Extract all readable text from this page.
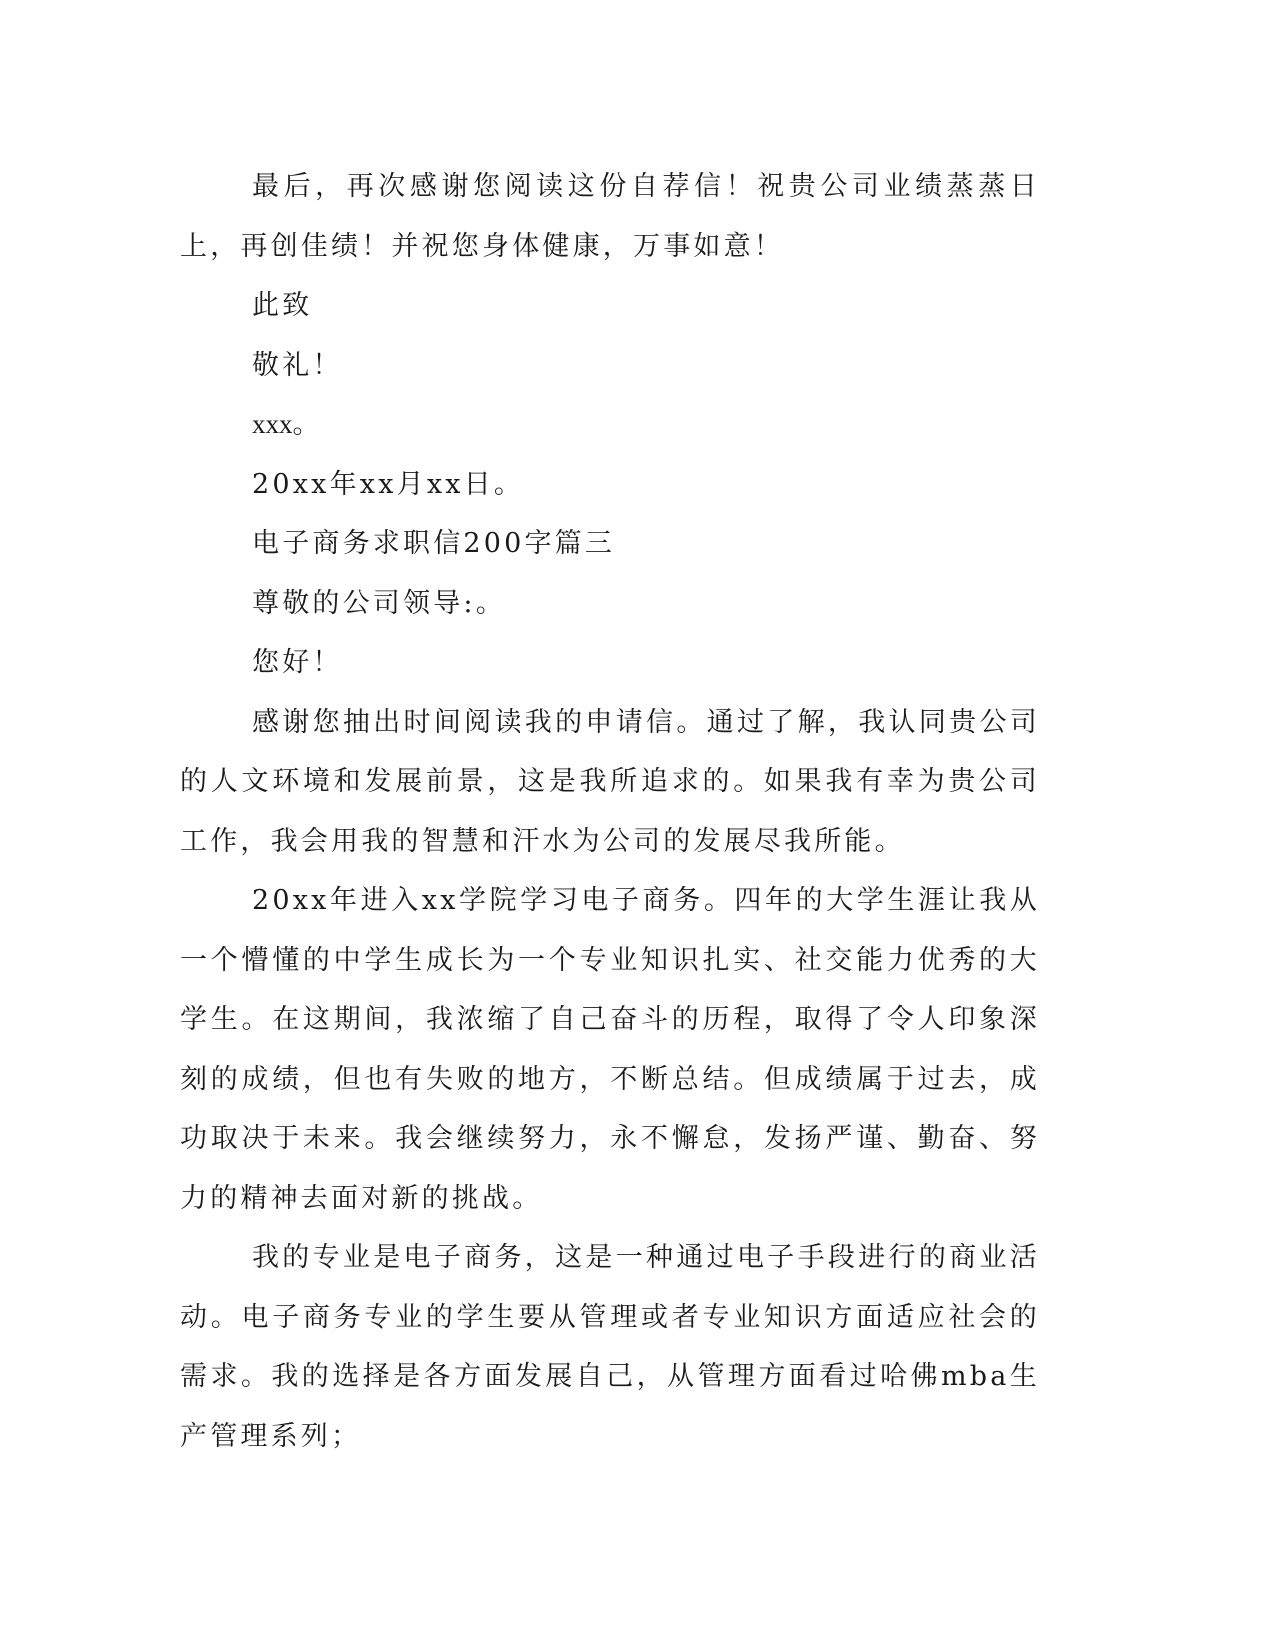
最后，再次感谢您阅读这份自荐信！祝贵公司业绩蒸蒸日上，再创佳绩！并祝您身体健康，万事如意！

此致

敬礼！

xxx。

20xx年xx月xx日。

电子商务求职信200字篇三

尊敬的公司领导:。

您好！

感谢您抽出时间阅读我的申请信。通过了解，我认同贵公司的人文环境和发展前景，这是我所追求的。如果我有幸为贵公司工作，我会用我的智慧和汗水为公司的发展尽我所能。

20xx年进入xx学院学习电子商务。四年的大学生涯让我从一个懵懂的中学生成长为一个专业知识扎实、社交能力优秀的大学生。在这期间，我浓缩了自己奋斗的历程，取得了令人印象深刻的成绩，但也有失败的地方，不断总结。但成绩属于过去，成功取决于未来。我会继续努力，永不懈怠，发扬严谨、勤奋、努力的精神去面对新的挑战。

我的专业是电子商务，这是一种通过电子手段进行的商业活动。电子商务专业的学生要从管理或者专业知识方面适应社会的需求。我的选择是各方面发展自己，从管理方面看过哈佛mba生产管理系列；
